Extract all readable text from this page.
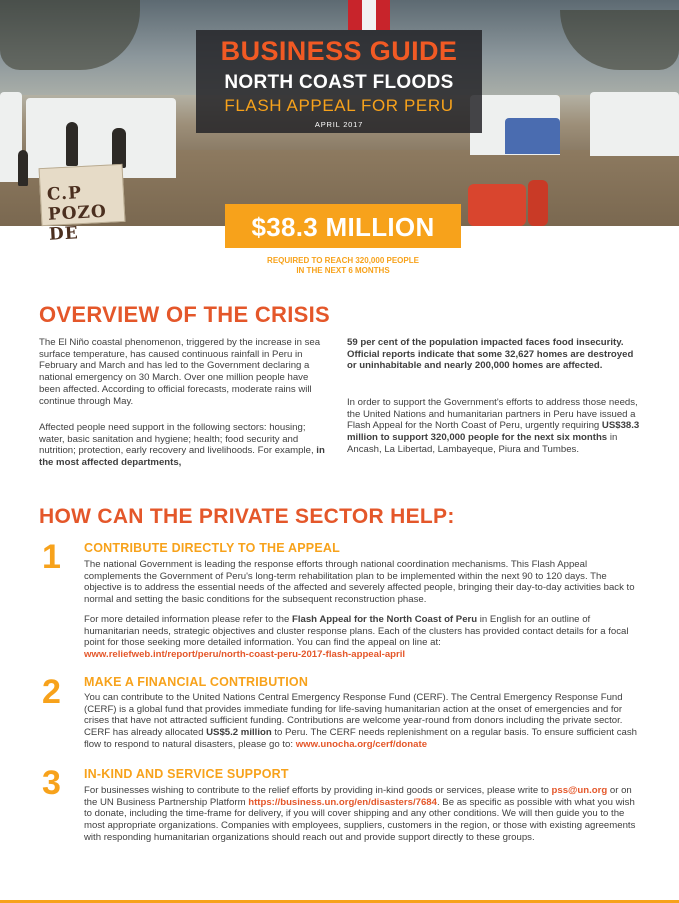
C.P POZO DE
BUSINESS GUIDE
NORTH COAST FLOODS
FLASH APPEAL FOR PERU
APRIL 2017
$38.3 MILLION
REQUIRED TO REACH 320,000 PEOPLE
IN THE NEXT 6 MONTHS
OVERVIEW OF THE CRISIS
The El Niño coastal phenomenon, triggered by the increase in sea surface temperature, has caused continuous rainfall in Peru in February and March and has led to the Government declaring a national emergency on 30 March. Over one million people have been affected. According to official forecasts, moderate rains will continue through May.
Affected people need support in the following sectors: housing; water, basic sanitation and hygiene; health; food security and nutrition; protection, early recovery and livelihoods. For example, in the most affected departments,
59 per cent of the population impacted faces food insecurity. Official reports indicate that some 32,627 homes are destroyed or uninhabitable and nearly 200,000 homes are affected.
In order to support the Government's efforts to address those needs, the United Nations and humanitarian partners in Peru have issued a Flash Appeal for the North Coast of Peru, urgently requiring US$38.3 million to support 320,000 people for the next six months in Ancash, La Libertad, Lambayeque, Piura and Tumbes.
HOW CAN THE PRIVATE SECTOR HELP:
1 CONTRIBUTE DIRECTLY TO THE APPEAL
The national Government is leading the response efforts through national coordination mechanisms. This Flash Appeal complements the Government of Peru's long-term rehabilitation plan to be implemented within the next 90 to 120 days. The objective is to address the essential needs of the affected and severely affected people, bringing their day-to-day activities back to normal and setting the basic conditions for the subsequent reconstruction phase.
For more detailed information please refer to the Flash Appeal for the North Coast of Peru in English for an outline of humanitarian needs, strategic objectives and cluster response plans. Each of the clusters has provided contact details for a focal point for those seeking more detailed information. You can find the appeal on line at:
www.reliefweb.int/report/peru/north-coast-peru-2017-flash-appeal-april
2 MAKE A FINANCIAL CONTRIBUTION
You can contribute to the United Nations Central Emergency Response Fund (CERF). The Central Emergency Response Fund (CERF) is a global fund that provides immediate funding for life-saving humanitarian action at the onset of emergencies and for crises that have not attracted sufficient funding. Contributions are welcome year-round from donors including the private sector. CERF has already allocated US$5.2 million to Peru. The CERF needs replenishment on a regular basis. To ensure sufficient cash flow to respond to natural disasters, please go to: www.unocha.org/cerf/donate
3 IN-KIND AND SERVICE SUPPORT
For businesses wishing to contribute to the relief efforts by providing in-kind goods or services, please write to pss@un.org or on the UN Business Partnership Platform https://business.un.org/en/disasters/7684. Be as specific as possible with what you wish to donate, including the time-frame for delivery, if you will cover shipping and any other conditions. We will then guide you to the most appropriate organizations. Companies with employees, suppliers, customers in the region, or those with existing agreements with responding humanitarian organizations should reach out and provide support directly to these groups.
